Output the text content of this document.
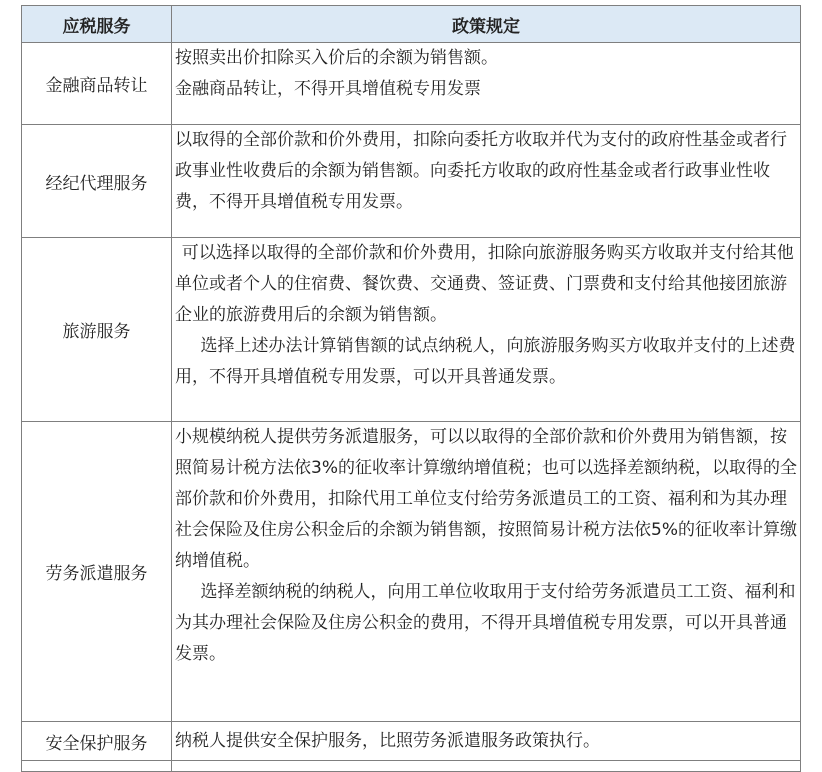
应税服务	政策规定
金融商品转让	按照卖出价扣除买入价后的余额为销售额。

金融商品转让，不得开具增值税专用发票

经纪代理服务	以取得的全部价款和价外费用，扣除向委托方收取并代为支付的政府性基金或者行政事业性收费后的余额为销售额。向委托方收取的政府性基金或者行政事业性收费，不得开具增值税专用发票。

旅游服务	可以选择以取得的全部价款和价外费用，扣除向旅游服务购买方收取并支付给其他单位或者个人的住宿费、餐饮费、交通费、签证费、门票费和支付给其他接团旅游企业的旅游费用后的余额为销售额。

选择上述办法计算销售额的试点纳税人，向旅游服务购买方收取并支付的上述费用，不得开具增值税专用发票，可以开具普通发票。

劳务派遣服务	小规模纳税人提供劳务派遣服务，可以以取得的全部价款和价外费用为销售额，按照简易计税方法依3%的征收率计算缴纳增值税；也可以选择差额纳税，以取得的全部价款和价外费用，扣除代用工单位支付给劳务派遣员工的工资、福利和为其办理社会保险及住房公积金后的余额为销售额，按照简易计税方法依5%的征收率计算缴纳增值税。

选择差额纳税的纳税人，向用工单位收取用于支付给劳务派遣员工工资、福利和为其办理社会保险及住房公积金的费用，不得开具增值税专用发票，可以开具普通发票。

安全保护服务	纳税人提供安全保护服务，比照劳务派遣服务政策执行。
